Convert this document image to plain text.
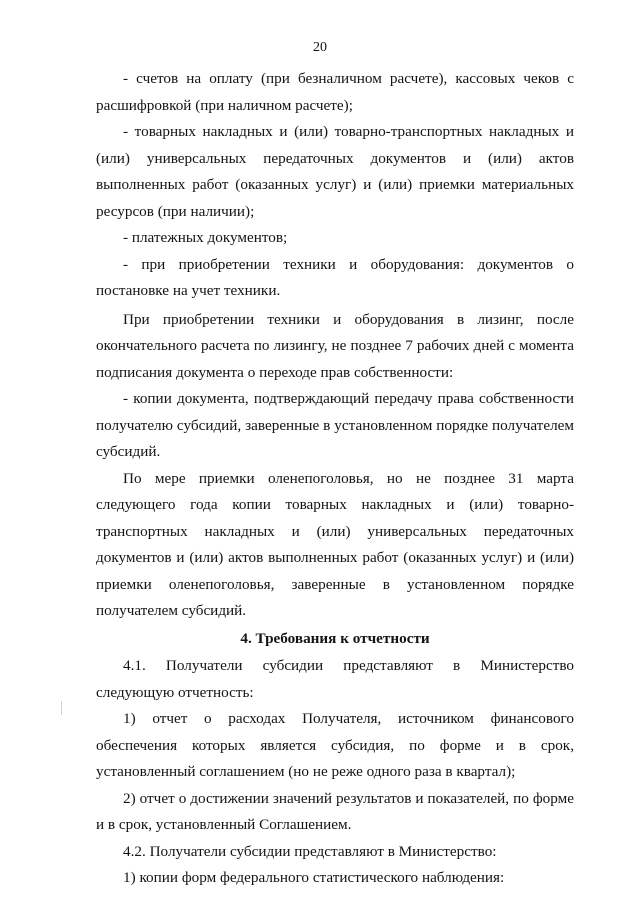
20

- счетов на оплату (при безналичном расчете), кассовых чеков с расшифровкой (при наличном расчете);

- товарных накладных и (или) товарно-транспортных накладных и (или) универсальных передаточных документов и (или) актов выполненных работ (оказанных услуг) и (или) приемки материальных ресурсов (при наличии);

- платежных документов;

- при приобретении техники и оборудования: документов о постановке на учет техники.

При приобретении техники и оборудования в лизинг, после окончательного расчета по лизингу, не позднее 7 рабочих дней с момента подписания документа о переходе прав собственности:

- копии документа, подтверждающий передачу права собственности получателю субсидий, заверенные в установленном порядке получателем субсидий.

По мере приемки оленепоголовья, но не позднее 31 марта следующего года копии товарных накладных и (или) товарно-транспортных накладных и (или) универсальных передаточных документов и (или) актов выполненных работ (оказанных услуг) и (или) приемки оленепоголовья, заверенные в установленном порядке получателем субсидий.

4. Требования к отчетности

4.1. Получатели субсидии представляют в Министерство следующую отчетность:

1) отчет о расходах Получателя, источником финансового обеспечения которых является субсидия, по форме и в срок, установленный соглашением (но не реже одного раза в квартал);

2) отчет о достижении значений результатов и показателей, по форме и в срок, установленный Соглашением.

4.2. Получатели субсидии представляют в Министерство:

1) копии форм федерального статистического наблюдения:
